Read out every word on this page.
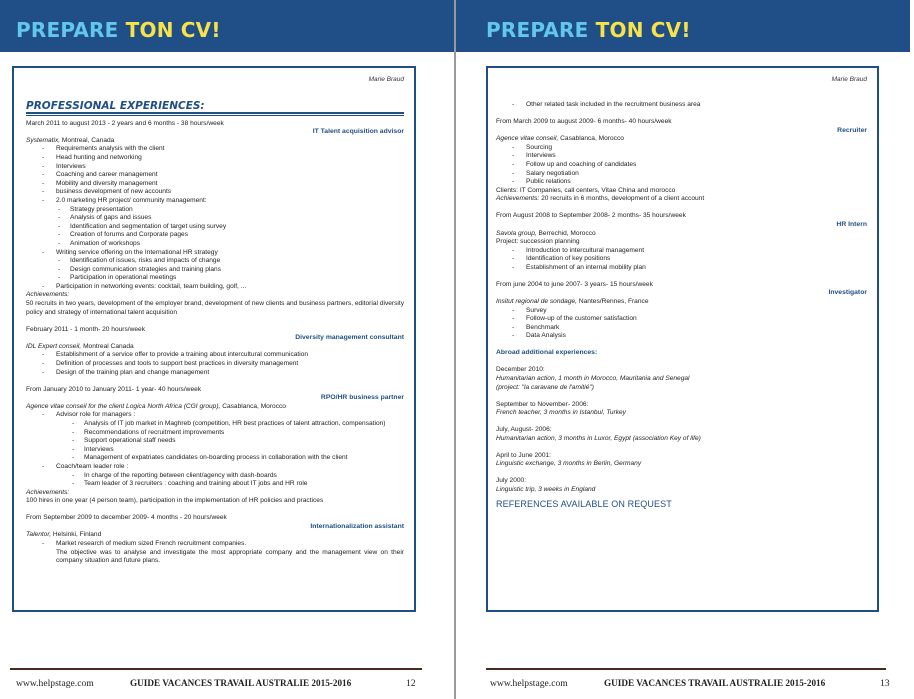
PREPARE TON CV!
Marie Braud
PROFESSIONAL EXPERIENCES:
March 2011 to august 2013 - 2 years and 6 months - 38 hours/week
IT Talent acquisition advisor
Systematix, Montreal, Canada
- Requirements analysis with the client
- Head hunting and networking
- Interviews
- Coaching and career management
- Mobility and diversity management
- business development of new accounts
- 2.0 marketing HR project/ community management:
- Strategy presentation
- Analysis of gaps and issues
- Identification and segmentation of target using survey
- Creation of forums and Corporate pages
- Animation of workshops
- Writing service offering on the International HR strategy
- Identification of issues, risks and impacts of change
- Design communication strategies and training plans
- Participation in operational meetings
- Participation in networking events: cocktail, team building, golf, ...
Achievements:
50 recruits in two years, development of the employer brand, development of new clients and business partners, editorial diversity policy and strategy of international talent acquisition
February 2011 - 1 month- 20 hours/week
Diversity management consultant
IDL Expert conseil, Montreal Canada
- Establishment of a service offer to provide a training about intercultural communication
- Definition of processes and tools to support best practices in diversity management
- Design of the training plan and change management
From January 2010 to January 2011- 1 year- 40 hours/week
RPO/HR business partner
Agence vitae conseil for the client Logica North Africa (CGI group), Casablanca, Morocco
- Advisor role for managers :
- Analysis of IT job market in Maghreb (competition, HR best practices of talent attraction, compensation)
- Recommendations of recruitment improvements
- Support operational staff needs
- Interviews
- Management of expatriates candidates on-boarding process in collaboration with the client
- Coach/team leader role :
- In charge of the reporting between client/agency with dash-boards
- Team leader of 3 recruiters : coaching and training about IT jobs and HR role
Achievements:
100 hires in one year (4 person team), participation in the implementation of HR policies and practices
From September 2009 to december 2009- 4 months - 20 hours/week
Internationalization assistant
Talentor, Helsinki, Finland
- Market research of medium sized French recruitment companies.
The objective was to analyse and investigate the most appropriate company and the management view on their company situation and future plans.
www.helpstage.com	GUIDE VACANCES TRAVAIL AUSTRALIE 2015-2016	12
PREPARE TON CV!
Marie Braud
- Other related task included in the recruitment business area
From March 2009 to august 2009- 6 months- 40 hours/week
Recruiter
Agence vitae conseil, Casablanca, Morocco
- Sourcing
- Interviews
- Follow up and coaching of candidates
- Salary negotiation
- Public relations
Clients: IT Companies, call centers, Vitae China and morocco
Achievements: 20 recruits in 6 months, development of a client account
From August 2008 to September 2008- 2 months- 35 hours/week
HR Intern
Savola group, Berrechid, Morocco
Project: succession planning
- Introduction to intercultural management
- Identification of key positions
- Establishment of an internal mobility plan
From june 2004 to june 2007- 3 years- 15 hours/week
Investigator
Insitut regional de sondage, Nantes/Rennes, France
- Survey
- Follow-up of the customer satisfaction
- Benchmark
- Data Analysis
Abroad additional experiences:
December 2010:
Humanitarian action, 1 month in Morocco, Mauritania and Senegal
(project: "la caravane de l'amitié")
September to November- 2006:
French teacher, 3 months in Istanbul, Turkey
July, August- 2006:
Humanitarian action, 3 months in Luxor, Egypt (association Key of life)
April to June 2001:
Linguistic exchange, 3 months in Berlin, Germany
July 2000:
Linguistic trip, 3 weeks in England
REFERENCES AVAILABLE ON REQUEST
www.helpstage.com	GUIDE VACANCES TRAVAIL AUSTRALIE 2015-2016	13
